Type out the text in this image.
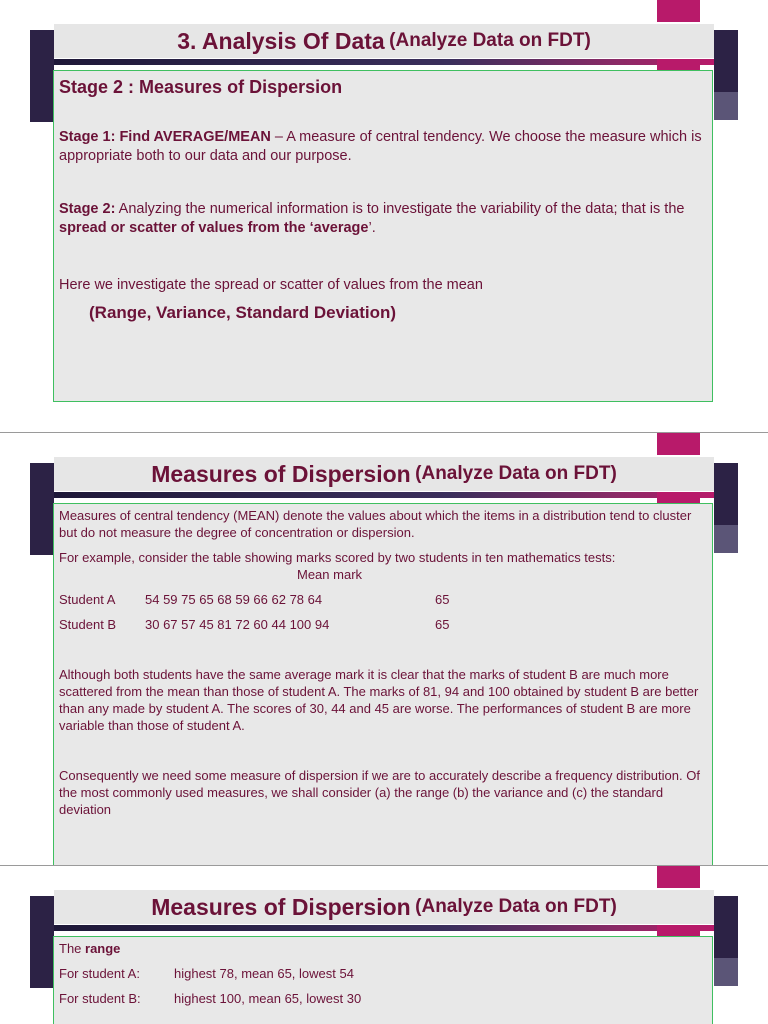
3. Analysis Of Data
(Analyze Data on FDT)

Stage 2 : Measures of Dispersion

Stage 1: Find AVERAGE/MEAN – A measure of central tendency. We choose the measure which is appropriate both to our data and our purpose.

Stage 2: Analyzing the numerical information is to investigate the variability of the data; that is the spread or scatter of values from the ‘average’.

Here we investigate the spread or scatter of values from the mean

(Range, Variance, Standard Deviation)

Measures of Dispersion
(Analyze Data on FDT)

Measures of central tendency (MEAN) denote the values about which the items in a distribution tend to cluster but do not measure the degree of concentration or dispersion.

For example, consider the table showing marks scored by two students in ten mathematics tests:

Mean mark

Student A	54 59 75 65 68 59 66 62 78 64	65
Student B	30 67 57 45 81 72 60 44 100 94	65

Although both students have the same average mark it is clear that the marks of student B are much more scattered from the mean than those of student A. The marks of 81, 94 and 100 obtained by student B are better than any made by student A. The scores of 30, 44 and 45 are worse. The performances of student B are more variable than those of student A.

Consequently we need some measure of dispersion if we are to accurately describe a frequency distribution. Of the most commonly used measures, we shall consider (a) the range (b) the variance and (c) the standard deviation

Measures of Dispersion
(Analyze Data on FDT)

The range

For student A:	highest 78, mean 65, lowest 54
For student B:	highest 100, mean 65, lowest 30
